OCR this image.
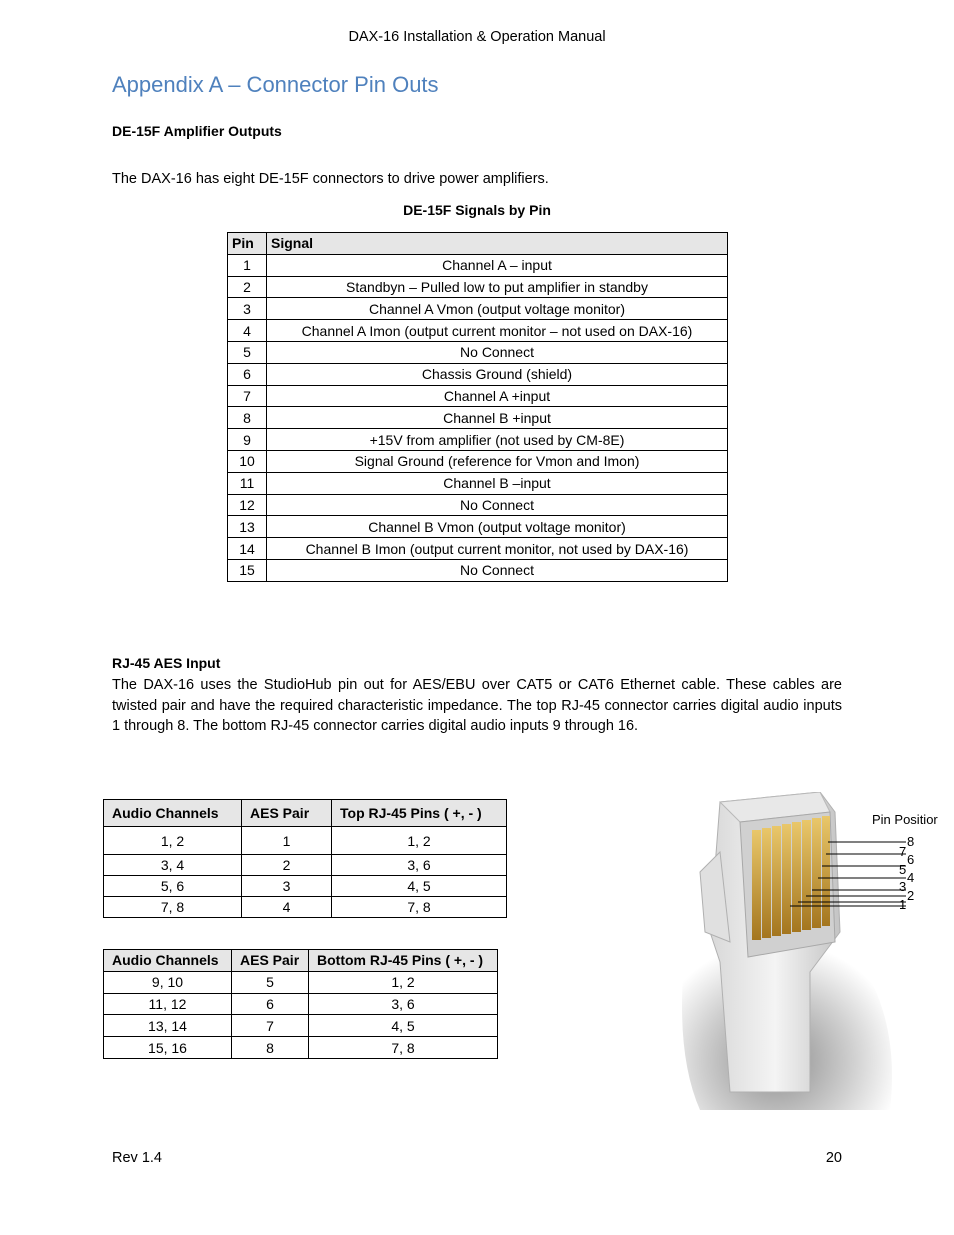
DAX-16 Installation & Operation Manual
Appendix A – Connector Pin Outs
DE-15F Amplifier Outputs
The DAX-16 has eight DE-15F connectors to drive power amplifiers.
DE-15F Signals by Pin
Pin	Signal
1	Channel A – input
2	Standbyn – Pulled low to put amplifier in standby
3	Channel A Vmon (output voltage monitor)
4	Channel A Imon (output current monitor – not used on DAX-16)
5	No Connect
6	Chassis Ground (shield)
7	Channel A +input
8	Channel B +input
9	+15V from amplifier (not used by CM-8E)
10	Signal Ground (reference for Vmon and Imon)
11	Channel B –input
12	No Connect
13	Channel B Vmon (output voltage monitor)
14	Channel B Imon (output current monitor, not used by DAX-16)
15	No Connect
RJ-45 AES Input
The DAX-16 uses the StudioHub pin out for AES/EBU over CAT5 or CAT6 Ethernet cable. These cables are twisted pair and have the required characteristic impedance. The top RJ-45 connector carries digital audio inputs 1 through 8. The bottom RJ-45 connector carries digital audio inputs 9 through 16.
Audio Channels	AES Pair	Top RJ-45 Pins ( +, - )
1, 2	1	1, 2
3, 4	2	3, 6
5, 6	3	4, 5
7, 8	4	7, 8
Audio Channels	AES Pair	Bottom RJ-45 Pins ( +, - )
9, 10	5	1, 2
11, 12	6	3, 6
13, 14	7	4, 5
15, 16	8	7, 8
Pin Positior
8
7
6
5
4
3
2
1
Rev 1.4	20
